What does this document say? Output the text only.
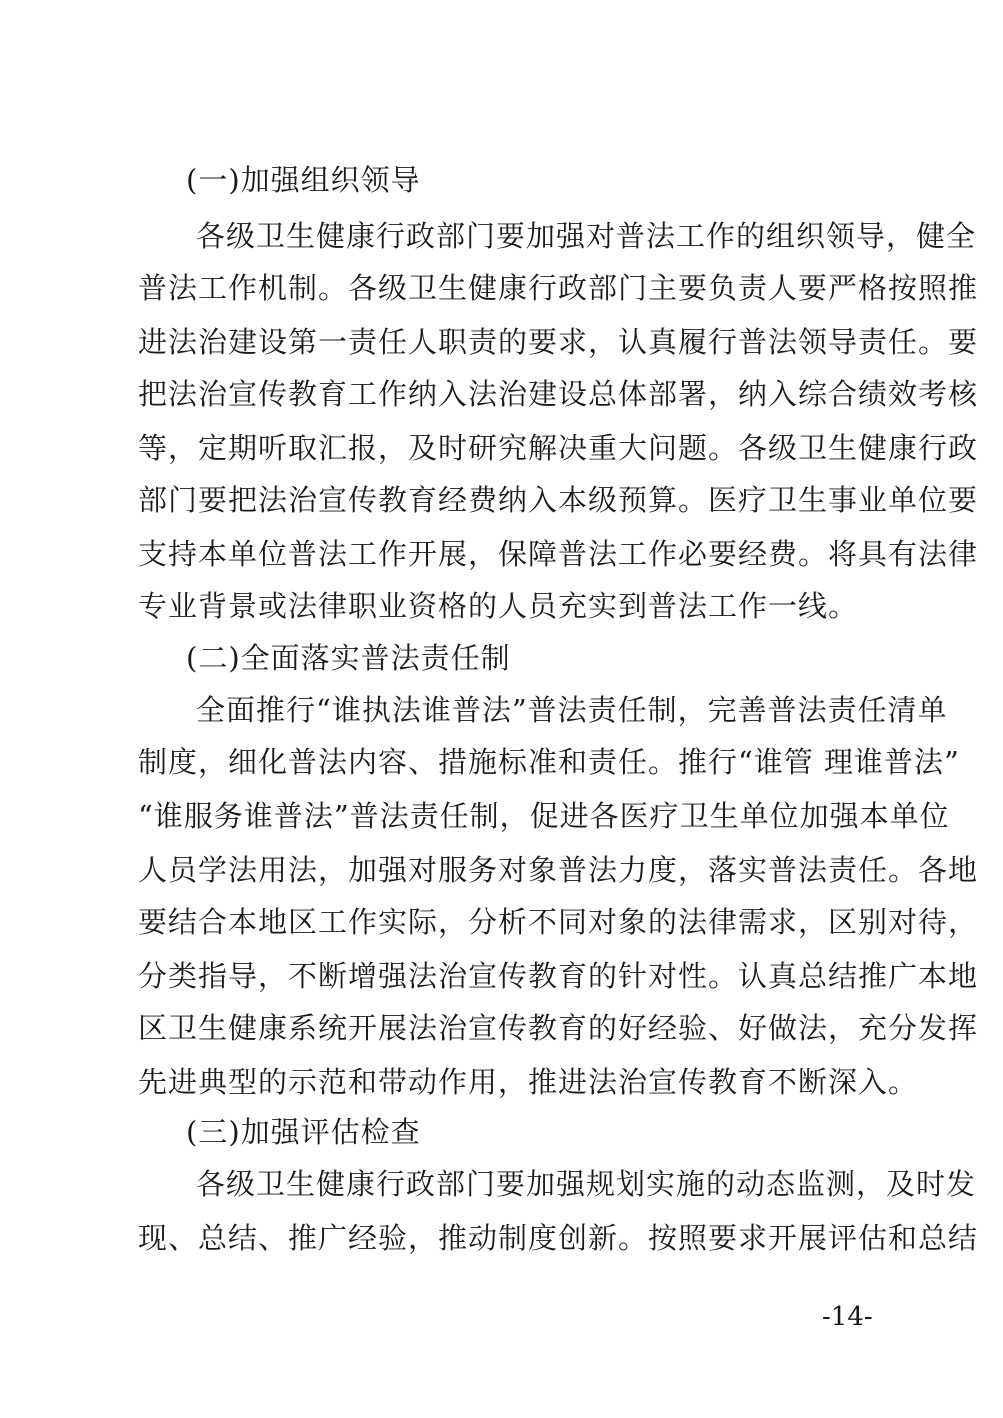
(一)加强组织领导
各级卫生健康行政部门要加强对普法工作的组织领导，健全
普法工作机制。各级卫生健康行政部门主要负责人要严格按照推
进法治建设第一责任人职责的要求，认真履行普法领导责任。要
把法治宣传教育工作纳入法治建设总体部署，纳入综合绩效考核
等，定期听取汇报，及时研究解决重大问题。各级卫生健康行政
部门要把法治宣传教育经费纳入本级预算。医疗卫生事业单位要
支持本单位普法工作开展，保障普法工作必要经费。将具有法律
专业背景或法律职业资格的人员充实到普法工作一线。
(二)全面落实普法责任制
全面推行“谁执法谁普法”普法责任制，完善普法责任清单
制度，细化普法内容、措施标准和责任。推行“谁管 理谁普法”
“谁服务谁普法”普法责任制，促进各医疗卫生单位加强本单位
人员学法用法，加强对服务对象普法力度，落实普法责任。各地
要结合本地区工作实际，分析不同对象的法律需求，区别对待，
分类指导，不断增强法治宣传教育的针对性。认真总结推广本地
区卫生健康系统开展法治宣传教育的好经验、好做法，充分发挥
先进典型的示范和带动作用，推进法治宣传教育不断深入。
(三)加强评估检查
各级卫生健康行政部门要加强规划实施的动态监测，及时发
现、总结、推广经验，推动制度创新。按照要求开展评估和总结
-14-
